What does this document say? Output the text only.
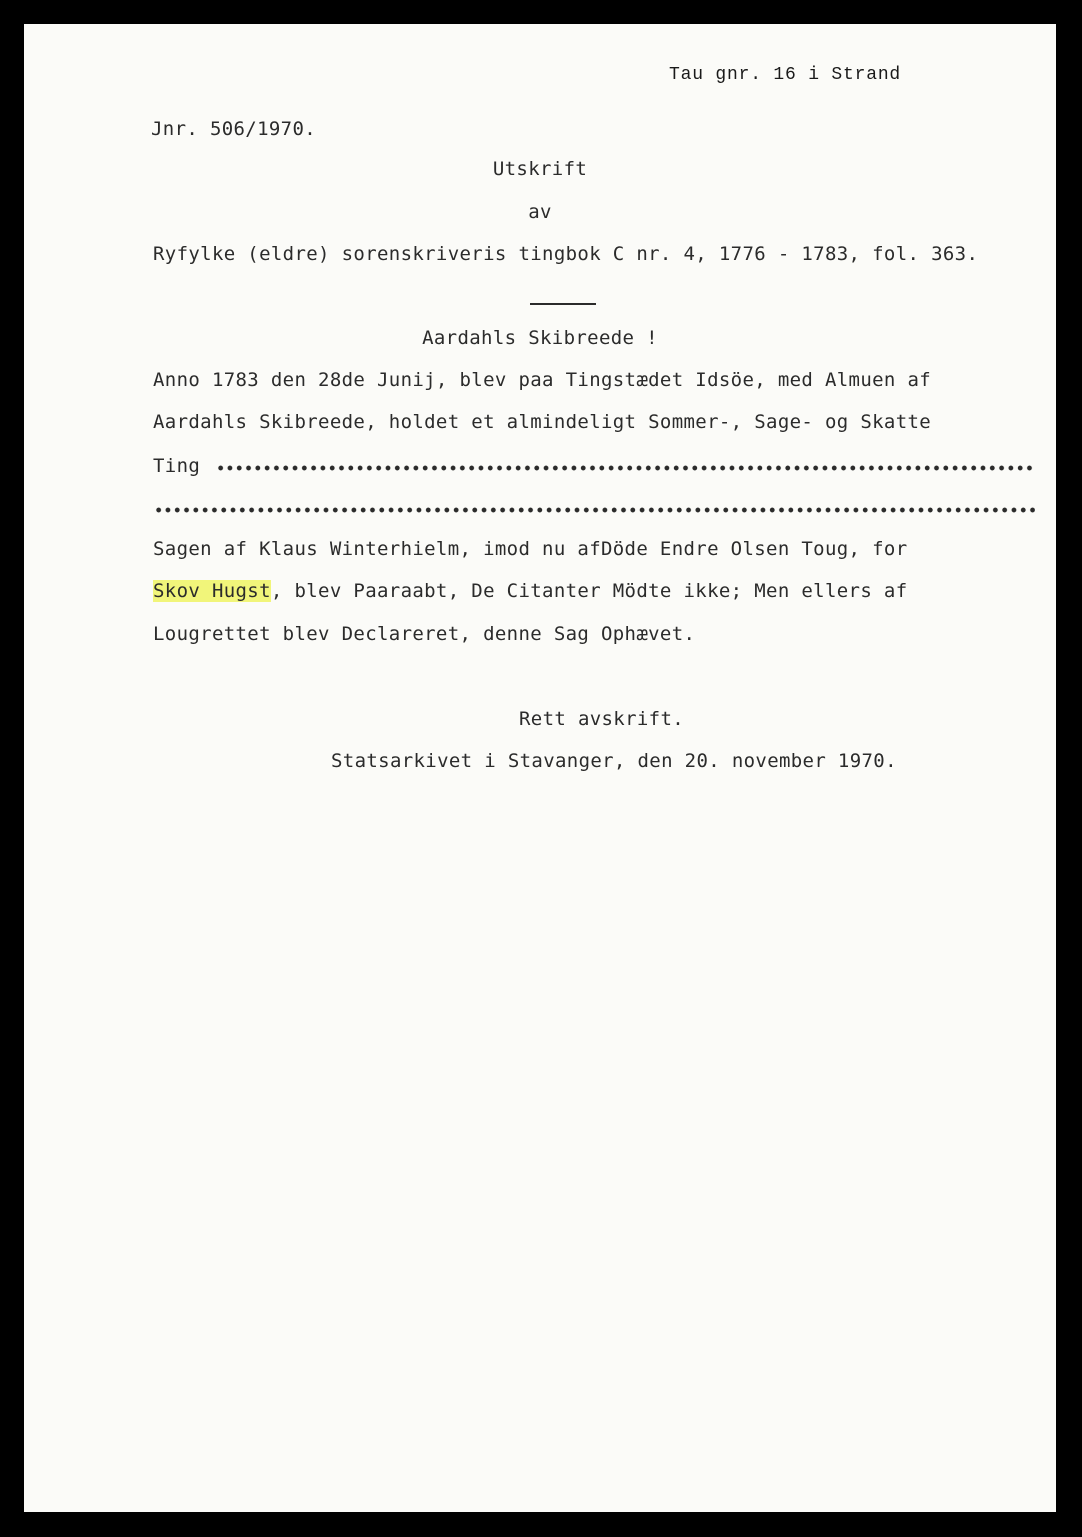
Tau gnr. 16 i Strand
Jnr. 506/1970.
Utskrift
av
Ryfylke (eldre) sorenskriveris tingbok C nr. 4, 1776 - 1783, fol. 363.
Aardahls Skibreede !
Anno 1783 den 28de Junij, blev paa Tingstædet Idsöe, med Almuen af
Aardahls Skibreede, holdet et almindeligt Sommer-, Sage- og Skatte
Ting
Sagen af Klaus Winterhielm, imod nu afDöde Endre Olsen Toug, for
Skov Hugst, blev Paaraabt, De Citanter Mödte ikke; Men ellers af
Lougrettet blev Declareret, denne Sag Ophævet.
Rett avskrift.
Statsarkivet i Stavanger, den 20. november 1970.
